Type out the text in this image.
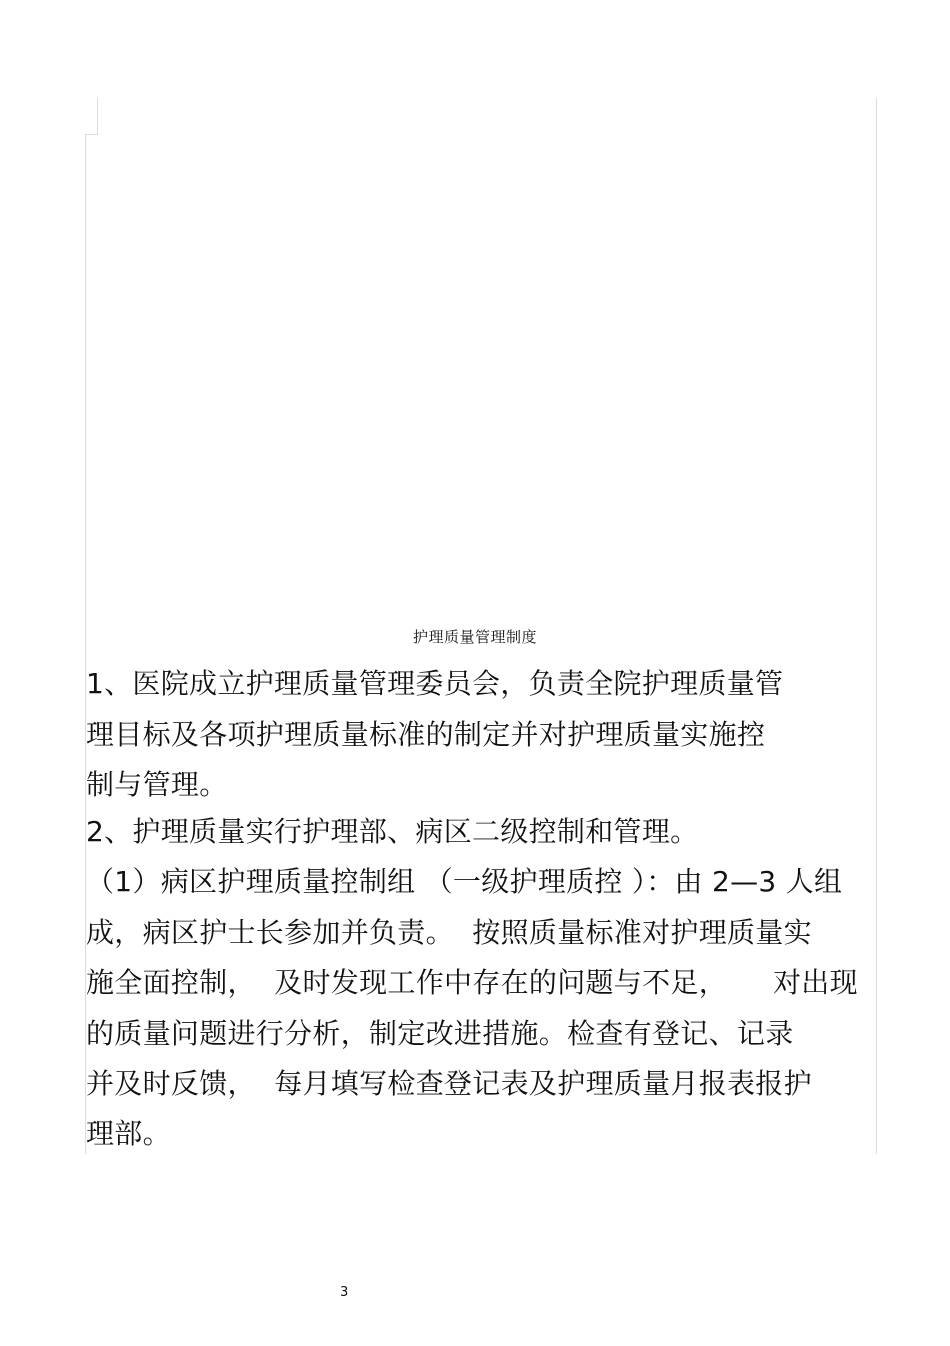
护理质量管理制度
1、医院成立护理质量管理委员会，负责全院护理质量管
理目标及各项护理质量标准的制定并对护理质量实施控
制与管理。
2、护理质量实行护理部、病区二级控制和管理。
（1）病区护理质量控制组 （一级护理质控 ）：由 2—3 人组
成，病区护士长参加并负责。  按照质量标准对护理质量实
施全面控制，  及时发现工作中存在的问题与不足，     对出现
的质量问题进行分析，制定改进措施。检查有登记、记录
并及时反馈，  每月填写检查登记表及护理质量月报表报护
理部。
3
